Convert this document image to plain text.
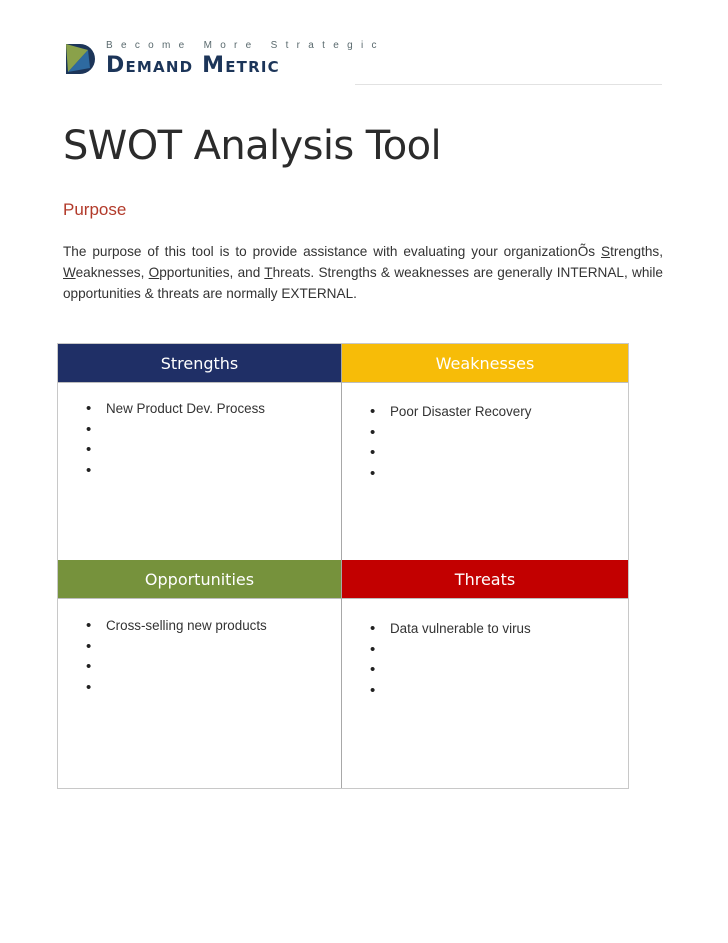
Become More Strategic
Demand Metric
SWOT Analysis Tool
Purpose

The purpose of this tool is to provide assistance with evaluating your organizationÕs Strengths, Weaknesses, Opportunities, and Threats. Strengths & weaknesses are generally INTERNAL, while opportunities & threats are normally EXTERNAL.

Strengths
• New Product Dev. Process
•
•
•
Weaknesses
• Poor Disaster Recovery
•
•
•
Opportunities
• Cross-selling new products
•
•
•
Threats
• Data vulnerable to virus
•
•
•
